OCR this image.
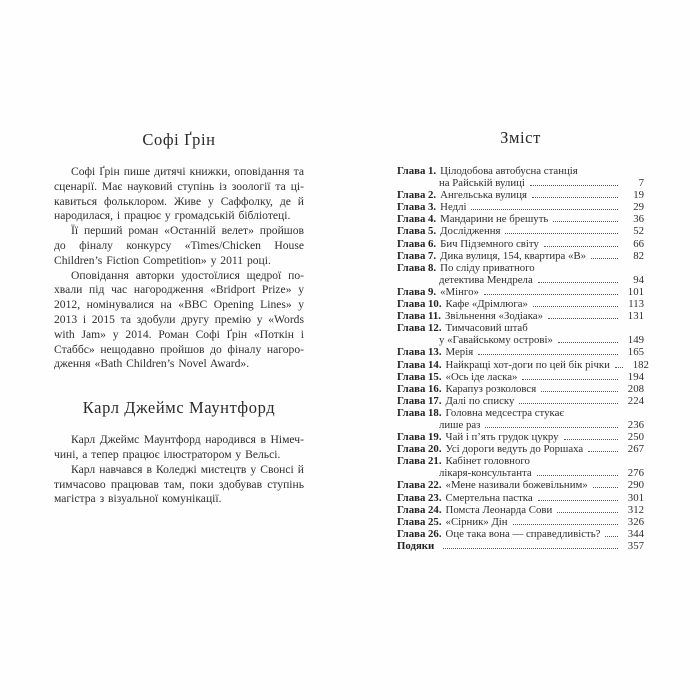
Софі Ґрін

Софі Ґрін пише дитячі книжки, оповідання та сценарії. Має науковий ступінь із зоології та цікавиться фольклором. Живе у Саффолку, де й народилася, і працює у громадській бібліотеці.

Її перший роман «Останній велет» пройшов до фіналу конкурсу «Times/Chicken House Children’s Fiction Competition» у 2011 році.

Оповідання авторки удостоїлися щедрої похвали під час нагородження «Bridport Prize» у 2012, номінувалися на «BBC Opening Lines» у 2013 і 2015 та здобули другу премію у «Words with Jam» у 2014. Роман Софі Ґрін «Поткін і Стаббс» нещодавно пройшов до фіналу нагородження «Bath Children’s Novel Award».

Карл Джеймс Маунтфорд

Карл Джеймс Маунтфорд народився в Німеччині, а тепер працює ілюстратором у Вельсі.

Карл навчався в Коледжі мистецтв у Свонсі й тимчасово працював там, поки здобував ступінь магістра з візуальної комунікації.

Зміст
Глава 1. Цілодобова автобусна станція
на Райській вулиці	7
Глава 2. Ангельська вулиця	19
Глава 3. Недлі	29
Глава 4. Мандарини не брешуть	36
Глава 5. Дослідження	52
Глава 6. Бич Підземного світу	66
Глава 7. Дика вулиця, 154, квартира «В»	82
Глава 8. По сліду приватного
детектива Мендрела	94
Глава 9. «Мінго»	101
Глава 10. Кафе «Дрімлюга»	113
Глава 11. Звільнення «Зодіака»	131
Глава 12. Тимчасовий штаб
у «Гавайському острові»	149
Глава 13. Мерія	165
Глава 14. Найкращі хот-доги по цей бік річки	182
Глава 15. «Ось іде ласка»	194
Глава 16. Карапуз розколовся	208
Глава 17. Далі по списку	224
Глава 18. Головна медсестра стукає
лише раз	236
Глава 19. Чай і п’ять грудок цукру	250
Глава 20. Усі дороги ведуть до Роршаха	267
Глава 21. Кабінет головного
лікаря-консультанта	276
Глава 22. «Мене називали божевільним»	290
Глава 23. Смертельна пастка	301
Глава 24. Помста Леонарда Сови	312
Глава 25. «Сірник» Дін	326
Глава 26. Оце така вона — справедливість?	344
Подяки	357
